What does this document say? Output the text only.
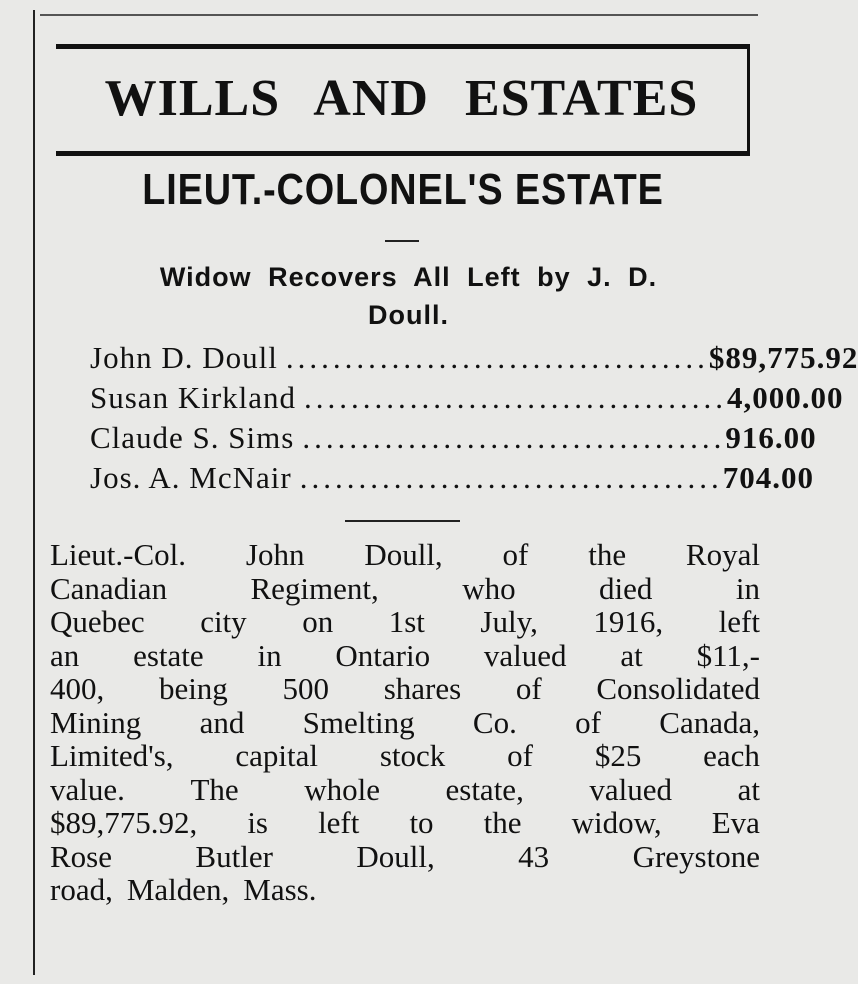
WILLS AND ESTATES
LIEUT.-COLONEL'S ESTATE
Widow Recovers All Left by J. D.
Doull.
John D. Doull .................................... $89,775.92
Susan Kirkland .................................... 4,000.00
Claude S. Sims .................................... 916.00
Jos. A. McNair .................................... 704.00
Lieut.-Col. John Doull, of the Royal
Canadian	Regiment,	who	died	in
Quebec city on 1st July, 1916, left
an estate in Ontario valued at $11,-
400, being 500 shares of Consolidated
Mining and Smelting Co. of Canada,
Limited's, capital stock of $25 each
value. The whole estate, valued at
$89,775.92, is left to the widow, Eva
Rose	Butler	Doull,	43	Greystone
road, Malden, Mass.
